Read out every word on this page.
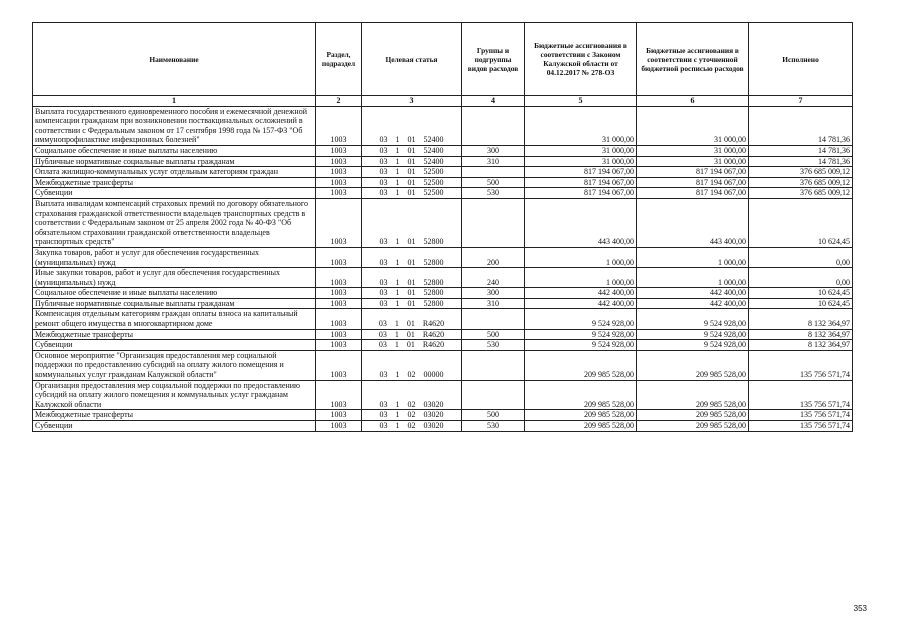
Наименование	Раздел, подраздел	Целевая статья	Группы и подгруппы видов расходов	Бюджетные ассигнования в соответствии с Законом Калужской области от 04.12.2017 № 278-ОЗ	Бюджетные ассигнования в соответствии с уточненной бюджетной росписью расходов	Исполнено
1	2	3	4	5	6	7
Выплата государственного единовременного пособия и ежемесячной денежной компенсации гражданам при возникновении поствакцинальных осложнений в соответствии с Федеральным законом от 17 сентября 1998 года № 157-ФЗ "Об иммунопрофилактике инфекционных болезней"	1003	03 1 01 52400		31 000,00	31 000,00	14 781,36
Социальное обеспечение и иные выплаты населению	1003	03 1 01 52400	300	31 000,00	31 000,00	14 781,36
Публичные нормативные социальные выплаты гражданам	1003	03 1 01 52400	310	31 000,00	31 000,00	14 781,36
Оплата жилищно-коммунальных услуг отдельным категориям граждан	1003	03 1 01 52500		817 194 067,00	817 194 067,00	376 685 009,12
Межбюджетные трансферты	1003	03 1 01 52500	500	817 194 067,00	817 194 067,00	376 685 009,12
Субвенции	1003	03 1 01 52500	530	817 194 067,00	817 194 067,00	376 685 009,12
Выплата инвалидам компенсаций страховых премий по договору обязательного страхования гражданской ответственности владельцев транспортных средств в соответствии с Федеральным законом от 25 апреля 2002 года № 40-ФЗ "Об обязательном страховании гражданской ответственности владельцев транспортных средств"	1003	03 1 01 52800		443 400,00	443 400,00	10 624,45
Закупка товаров, работ и услуг для обеспечения государственных (муниципальных) нужд	1003	03 1 01 52800	200	1 000,00	1 000,00	0,00
Иные закупки товаров, работ и услуг для обеспечения государственных (муниципальных) нужд	1003	03 1 01 52800	240	1 000,00	1 000,00	0,00
Социальное обеспечение и иные выплаты населению	1003	03 1 01 52800	300	442 400,00	442 400,00	10 624,45
Публичные нормативные социальные выплаты гражданам	1003	03 1 01 52800	310	442 400,00	442 400,00	10 624,45
Компенсация отдельным категориям граждан оплаты взноса на капитальный ремонт общего имущества в многоквартирном доме	1003	03 1 01 R4620		9 524 928,00	9 524 928,00	8 132 364,97
Межбюджетные трансферты	1003	03 1 01 R4620	500	9 524 928,00	9 524 928,00	8 132 364,97
Субвенции	1003	03 1 01 R4620	530	9 524 928,00	9 524 928,00	8 132 364,97
Основное мероприятие "Организация предоставления мер социальной поддержки по предоставлению субсидий на оплату жилого помещения и коммунальных услуг гражданам Калужской области"	1003	03 1 02 00000		209 985 528,00	209 985 528,00	135 756 571,74
Организация предоставления мер социальной поддержки по предоставлению субсидий на оплату жилого помещения и коммунальных услуг гражданам Калужской области	1003	03 1 02 03020		209 985 528,00	209 985 528,00	135 756 571,74
Межбюджетные трансферты	1003	03 1 02 03020	500	209 985 528,00	209 985 528,00	135 756 571,74
Субвенции	1003	03 1 02 03020	530	209 985 528,00	209 985 528,00	135 756 571,74
353
